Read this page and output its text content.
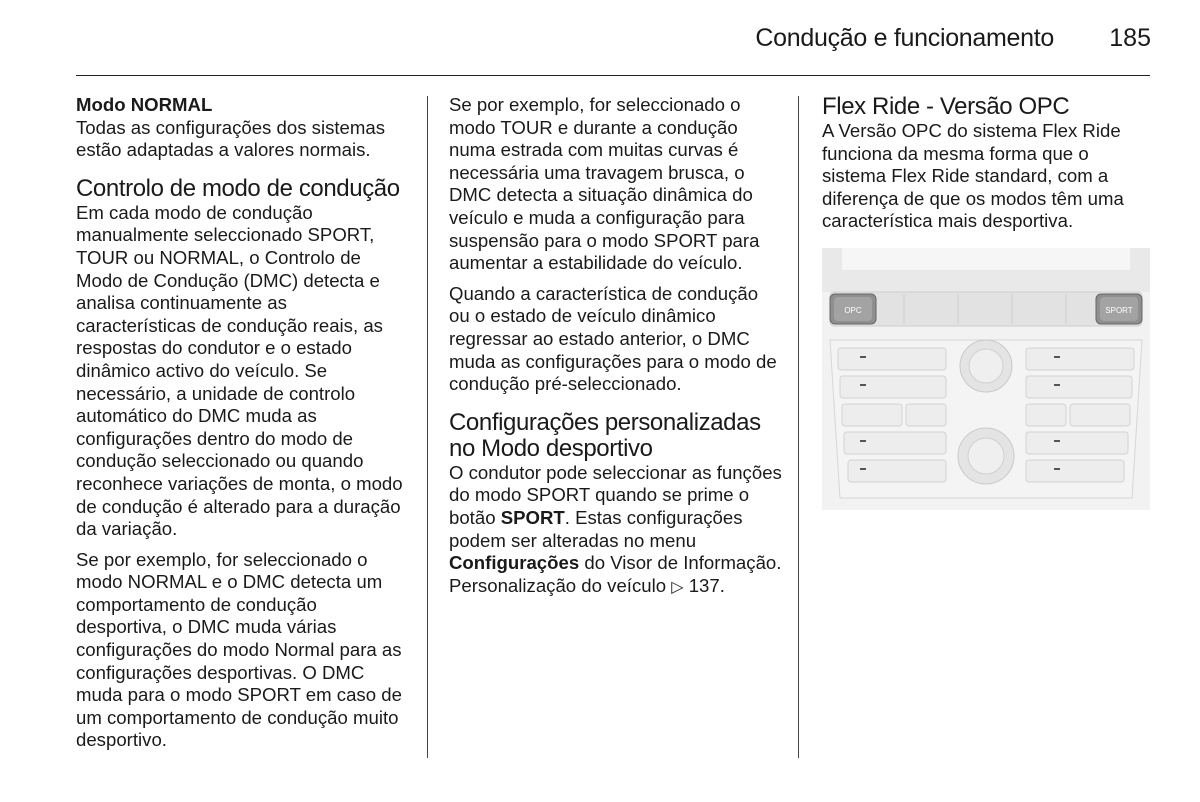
Condução e funcionamento 185
Modo NORMAL

Todas as configurações dos sistemas estão adaptadas a valores normais.

Controlo de modo de condução

Em cada modo de condução manualmente seleccionado SPORT, TOUR ou NORMAL, o Controlo de Modo de Condução (DMC) detecta e analisa continuamente as características de condução reais, as respostas do condutor e o estado dinâmico activo do veículo. Se necessário, a unidade de controlo automático do DMC muda as configurações dentro do modo de condução seleccionado ou quando reconhece variações de monta, o modo de condução é alterado para a duração da variação.

Se por exemplo, for seleccionado o modo NORMAL e o DMC detecta um comportamento de condução desportiva, o DMC muda várias configurações do modo Normal para as configurações desportivas. O DMC muda para o modo SPORT em caso de um comportamento de condução muito desportivo.

Se por exemplo, for seleccionado o modo TOUR e durante a condução numa estrada com muitas curvas é necessária uma travagem brusca, o DMC detecta a situação dinâmica do veículo e muda a configuração para suspensão para o modo SPORT para aumentar a estabilidade do veículo.

Quando a característica de condução ou o estado de veículo dinâmico regressar ao estado anterior, o DMC muda as configurações para o modo de condução pré-seleccionado.

Configurações personalizadas no Modo desportivo

O condutor pode seleccionar as funções do modo SPORT quando se prime o botão SPORT. Estas configurações podem ser alteradas no menu Configurações do Visor de Informação. Personalização do veículo ▷ 137.

Flex Ride - Versão OPC

A Versão OPC do sistema Flex Ride funciona da mesma forma que o sistema Flex Ride standard, com a diferença de que os modos têm uma característica mais desportiva.

OPC	SPORT
